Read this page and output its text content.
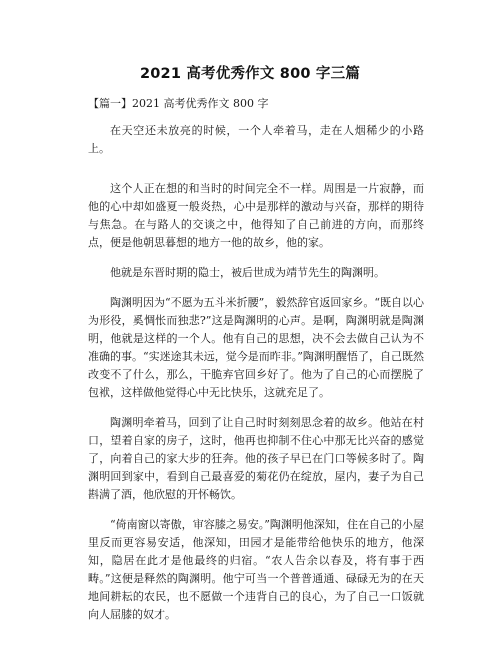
2021 高考优秀作文 800 字三篇
【篇一】2021 高考优秀作文 800 字

在天空还未放亮的时候，一个人牵着马，走在人烟稀少的小路上。

这个人正在想的和当时的时间完全不一样。周围是一片寂静，而他的心中却如盛夏一般炎热，心中是那样的激动与兴奋，那样的期待与焦急。在与路人的交谈之中，他得知了自己前进的方向，而那终点，便是他朝思暮想的地方一他的故乡，他的家。

他就是东晋时期的隐士，被后世成为靖节先生的陶渊明。

陶渊明因为“不愿为五斗米折腰”，毅然辞官返回家乡。“既自以心为形役，奚惆怅而独悲?”这是陶渊明的心声。是啊，陶渊明就是陶渊明，他就是这样的一个人。他有自己的思想，决不会去做自己认为不准确的事。“实迷途其未远，觉今是而昨非。”陶渊明醒悟了，自己既然改变不了什么，那么，干脆弃官回乡好了。他为了自己的心而摆脱了包袱，这样做他觉得心中无比快乐，这就充足了。

陶渊明牵着马，回到了让自己时时刻刻思念着的故乡。他站在村口，望着自家的房子，这时，他再也抑制不住心中那无比兴奋的感觉了，向着自己的家大步的狂奔。他的孩子早已在门口等候多时了。陶渊明回到家中，看到自己最喜爱的菊花仍在绽放，屋内，妻子为自己斟满了酒，他欣慰的开怀畅饮。

“倚南窗以寄傲，审容膝之易安。”陶渊明他深知，住在自己的小屋里反而更容易安适，他深知，田园才是能带给他快乐的地方，他深知，隐居在此才是他最终的归宿。“农人告余以春及，将有事于西畴。”这便是释然的陶渊明。他宁可当一个普普通通、碌碌无为的在天地间耕耘的农民，也不愿做一个违背自己的良心，为了自己一口饭就向人屈膝的奴才。
